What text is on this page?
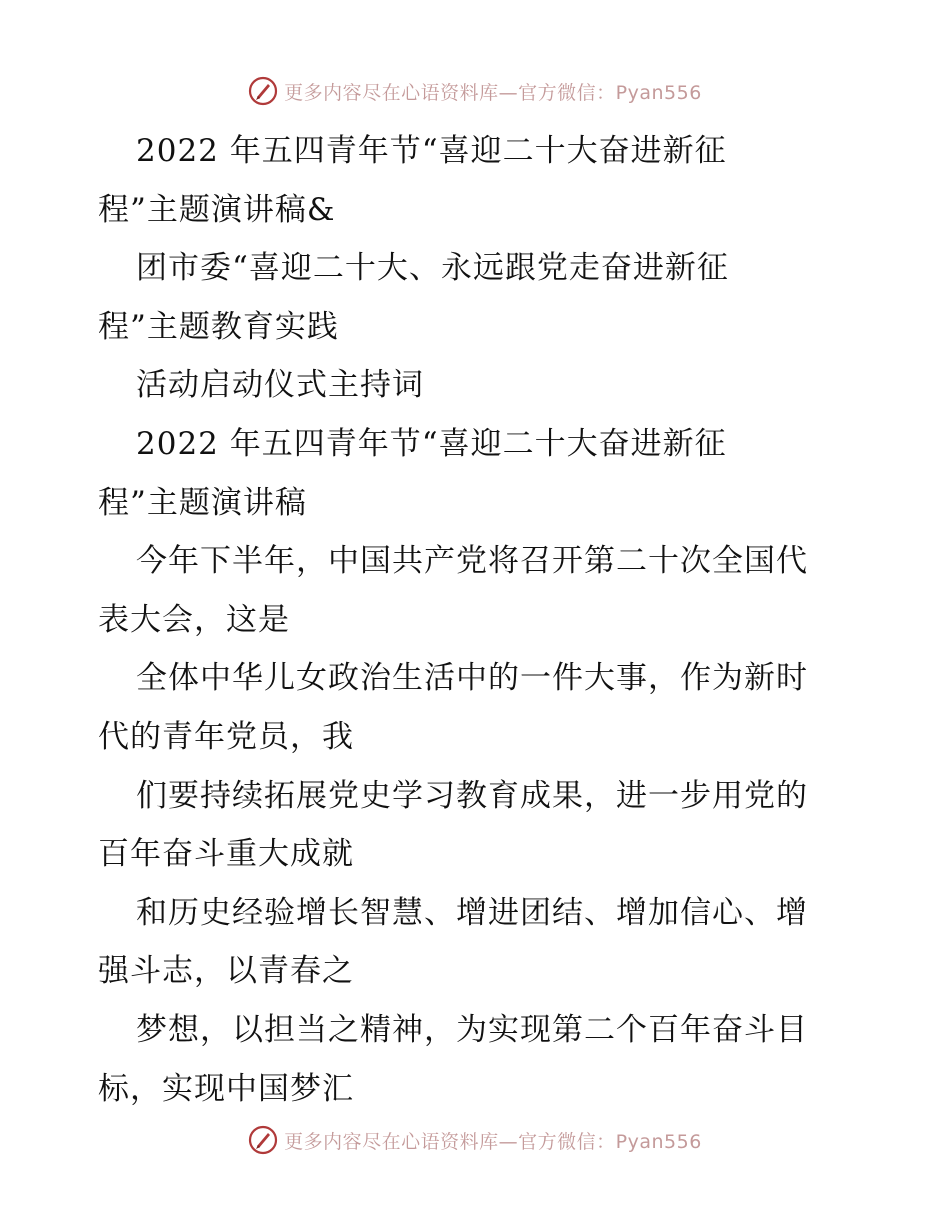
更多内容尽在心语资料库—官方微信：Pyan556
2022 年五四青年节“喜迎二十大奋进新征
程”主题演讲稿&
团市委“喜迎二十大、永远跟党走奋进新征
程”主题教育实践
活动启动仪式主持词
2022 年五四青年节“喜迎二十大奋进新征
程”主题演讲稿
今年下半年，中国共产党将召开第二十次全国代
表大会，这是
全体中华儿女政治生活中的一件大事，作为新时
代的青年党员，我
们要持续拓展党史学习教育成果，进一步用党的
百年奋斗重大成就
和历史经验增长智慧、增进团结、增加信心、增
强斗志，以青春之
梦想，以担当之精神，为实现第二个百年奋斗目
标，实现中国梦汇
更多内容尽在心语资料库—官方微信：Pyan556
